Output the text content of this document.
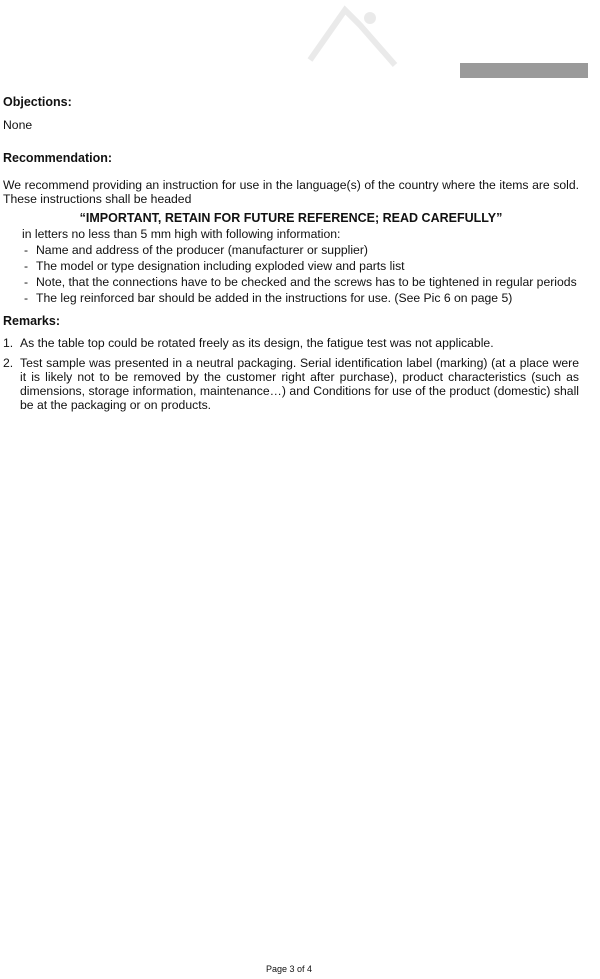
Objections:

None

Recommendation:

We recommend providing an instruction for use in the language(s) of the country where the items are sold. These instructions shall be headed

“IMPORTANT, RETAIN FOR FUTURE REFERENCE; READ CAREFULLY”

in letters no less than 5 mm high with following information:

- Name and address of the producer (manufacturer or supplier)
- The model or type designation including exploded view and parts list
- Note, that the connections have to be checked and the screws has to be tightened in regular periods
- The leg reinforced bar should be added in the instructions for use. (See Pic 6 on page 5)

Remarks:

1. As the table top could be rotated freely as its design, the fatigue test was not applicable.
2. Test sample was presented in a neutral packaging. Serial identification label (marking) (at a place were it is likely not to be removed by the customer right after purchase), product characteristics (such as dimensions, storage information, maintenance…) and Conditions for use of the product (domestic) shall be at the packaging or on products.
Page 3 of 4
